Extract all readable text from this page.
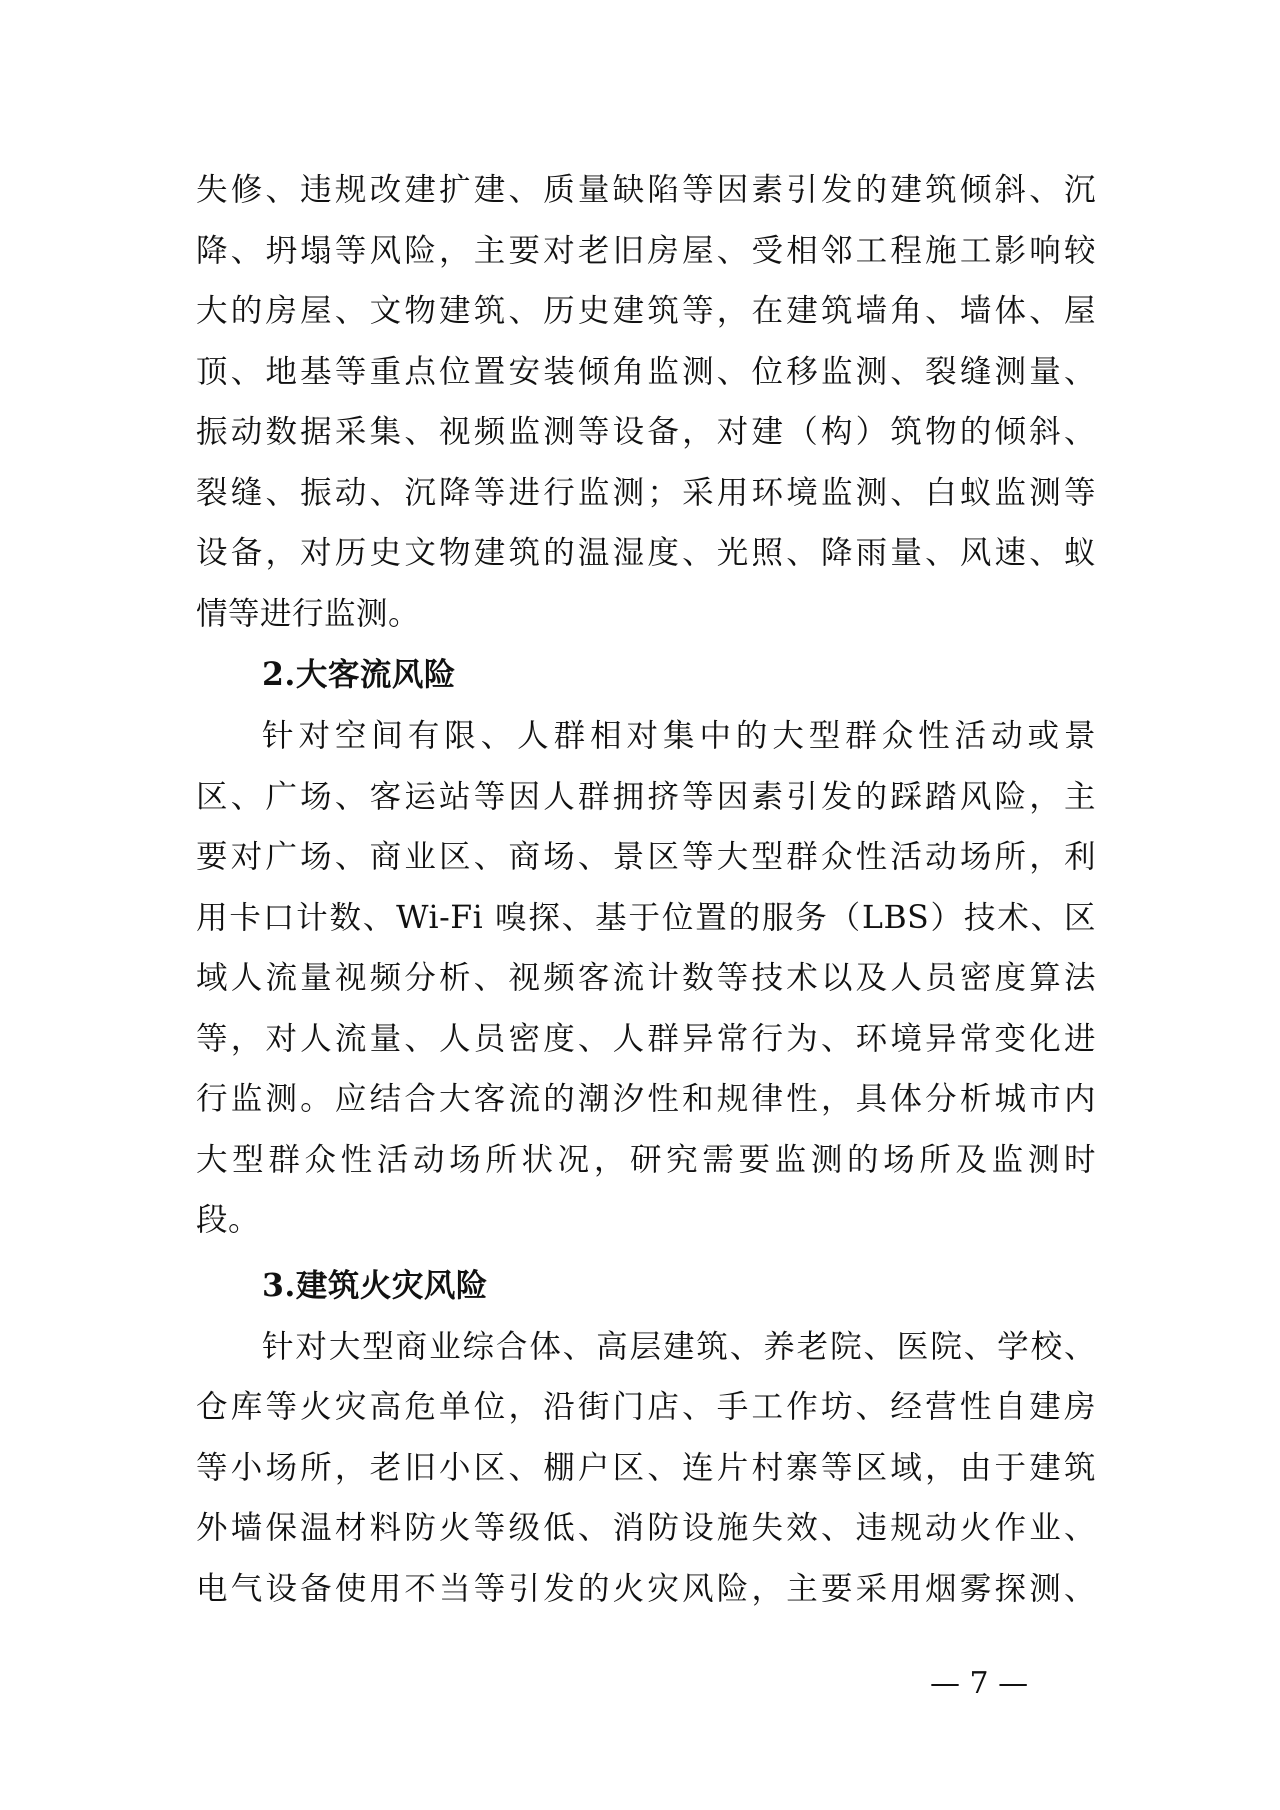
失修、违规改建扩建、质量缺陷等因素引发的建筑倾斜、沉
降、坍塌等风险，主要对老旧房屋、受相邻工程施工影响较
大的房屋、文物建筑、历史建筑等，在建筑墙角、墙体、屋
顶、地基等重点位置安装倾角监测、位移监测、裂缝测量、
振动数据采集、视频监测等设备，对建（构）筑物的倾斜、
裂缝、振动、沉降等进行监测；采用环境监测、白蚁监测等
设备，对历史文物建筑的温湿度、光照、降雨量、风速、蚁
情等进行监测。
2.大客流风险
针对空间有限、人群相对集中的大型群众性活动或景
区、广场、客运站等因人群拥挤等因素引发的踩踏风险，主
要对广场、商业区、商场、景区等大型群众性活动场所，利
用卡口计数、Wi-Fi 嗅探、基于位置的服务（LBS）技术、区
域人流量视频分析、视频客流计数等技术以及人员密度算法
等，对人流量、人员密度、人群异常行为、环境异常变化进
行监测。应结合大客流的潮汐性和规律性，具体分析城市内
大型群众性活动场所状况，研究需要监测的场所及监测时
段。
3.建筑火灾风险
针对大型商业综合体、高层建筑、养老院、医院、学校、
仓库等火灾高危单位，沿街门店、手工作坊、经营性自建房
等小场所，老旧小区、棚户区、连片村寨等区域，由于建筑
外墙保温材料防火等级低、消防设施失效、违规动火作业、
电气设备使用不当等引发的火灾风险，主要采用烟雾探测、
— 7 —
